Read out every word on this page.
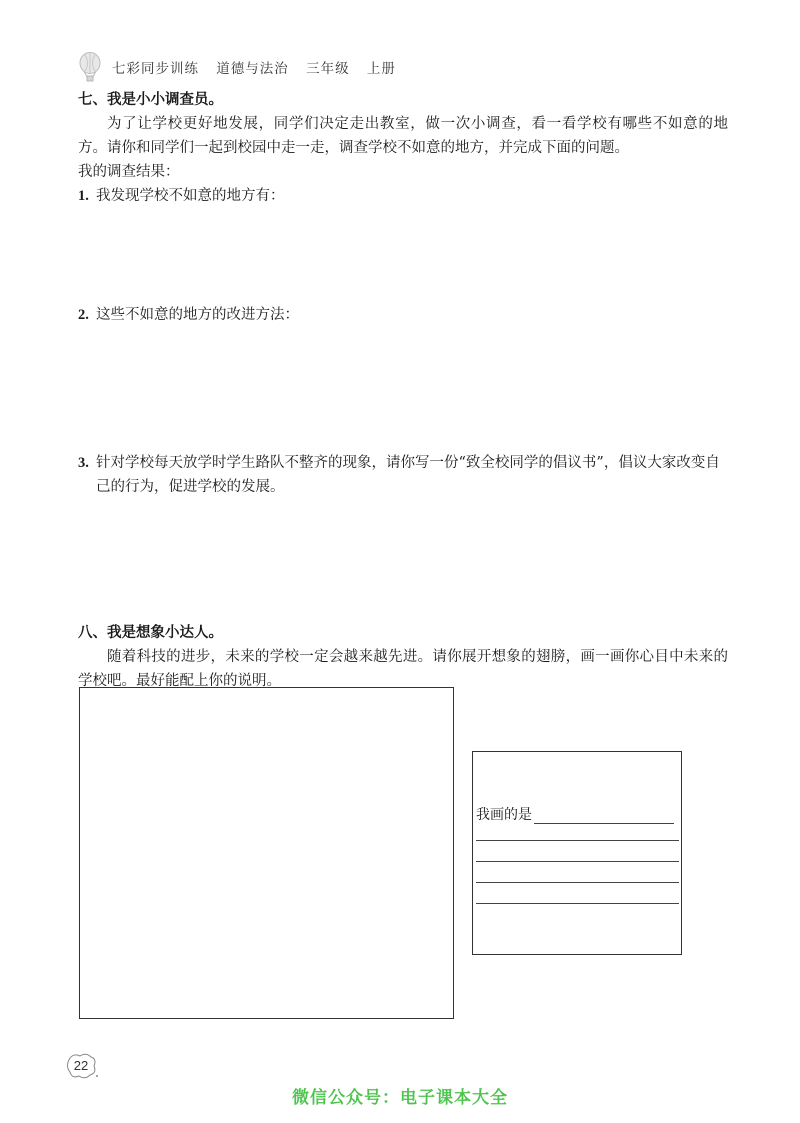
七彩同步训练 道德与法治 三年级 上册
七、我是小小调查员。
为了让学校更好地发展，同学们决定走出教室，做一次小调查，看一看学校有哪些不如意的地方。请你和同学们一起到校园中走一走，调查学校不如意的地方，并完成下面的问题。
我的调查结果：
1. 我发现学校不如意的地方有：
2. 这些不如意的地方的改进方法：
3. 针对学校每天放学时学生路队不整齐的现象，请你写一份“致全校同学的倡议书”，倡议大家改变自己的行为，促进学校的发展。
八、我是想象小达人。
随着科技的进步，未来的学校一定会越来越先进。请你展开想象的翅膀，画一画你心目中未来的学校吧。最好能配上你的说明。
我画的是
22
微信公众号：电子课本大全
